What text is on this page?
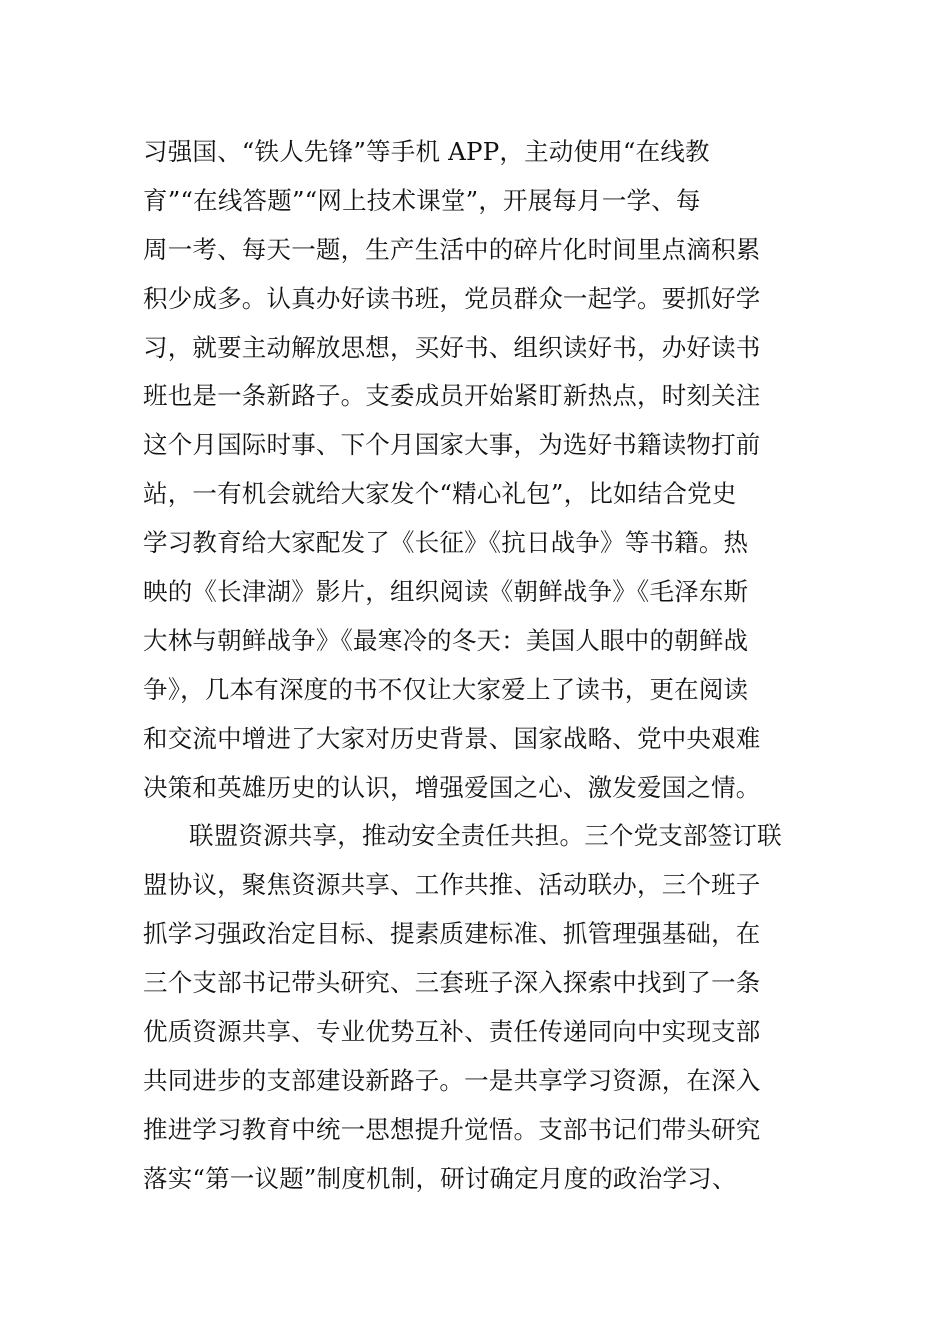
习强国、“铁人先锋”等手机 APP，主动使用“在线教
育”“在线答题”“网上技术课堂”，开展每月一学、每
周一考、每天一题，生产生活中的碎片化时间里点滴积累
积少成多。认真办好读书班，党员群众一起学。要抓好学
习，就要主动解放思想，买好书、组织读好书，办好读书
班也是一条新路子。支委成员开始紧盯新热点，时刻关注
这个月国际时事、下个月国家大事，为选好书籍读物打前
站，一有机会就给大家发个“精心礼包”，比如结合党史
学习教育给大家配发了《长征》《抗日战争》等书籍。热
映的《长津湖》影片，组织阅读《朝鲜战争》《毛泽东斯
大林与朝鲜战争》《最寒冷的冬天：美国人眼中的朝鲜战
争》，几本有深度的书不仅让大家爱上了读书，更在阅读
和交流中增进了大家对历史背景、国家战略、党中央艰难
决策和英雄历史的认识，增强爱国之心、激发爱国之情。
联盟资源共享，推动安全责任共担。三个党支部签订联
盟协议，聚焦资源共享、工作共推、活动联办，三个班子
抓学习强政治定目标、提素质建标准、抓管理强基础，在
三个支部书记带头研究、三套班子深入探索中找到了一条
优质资源共享、专业优势互补、责任传递同向中实现支部
共同进步的支部建设新路子。一是共享学习资源，在深入
推进学习教育中统一思想提升觉悟。支部书记们带头研究
落实“第一议题”制度机制，研讨确定月度的政治学习、
